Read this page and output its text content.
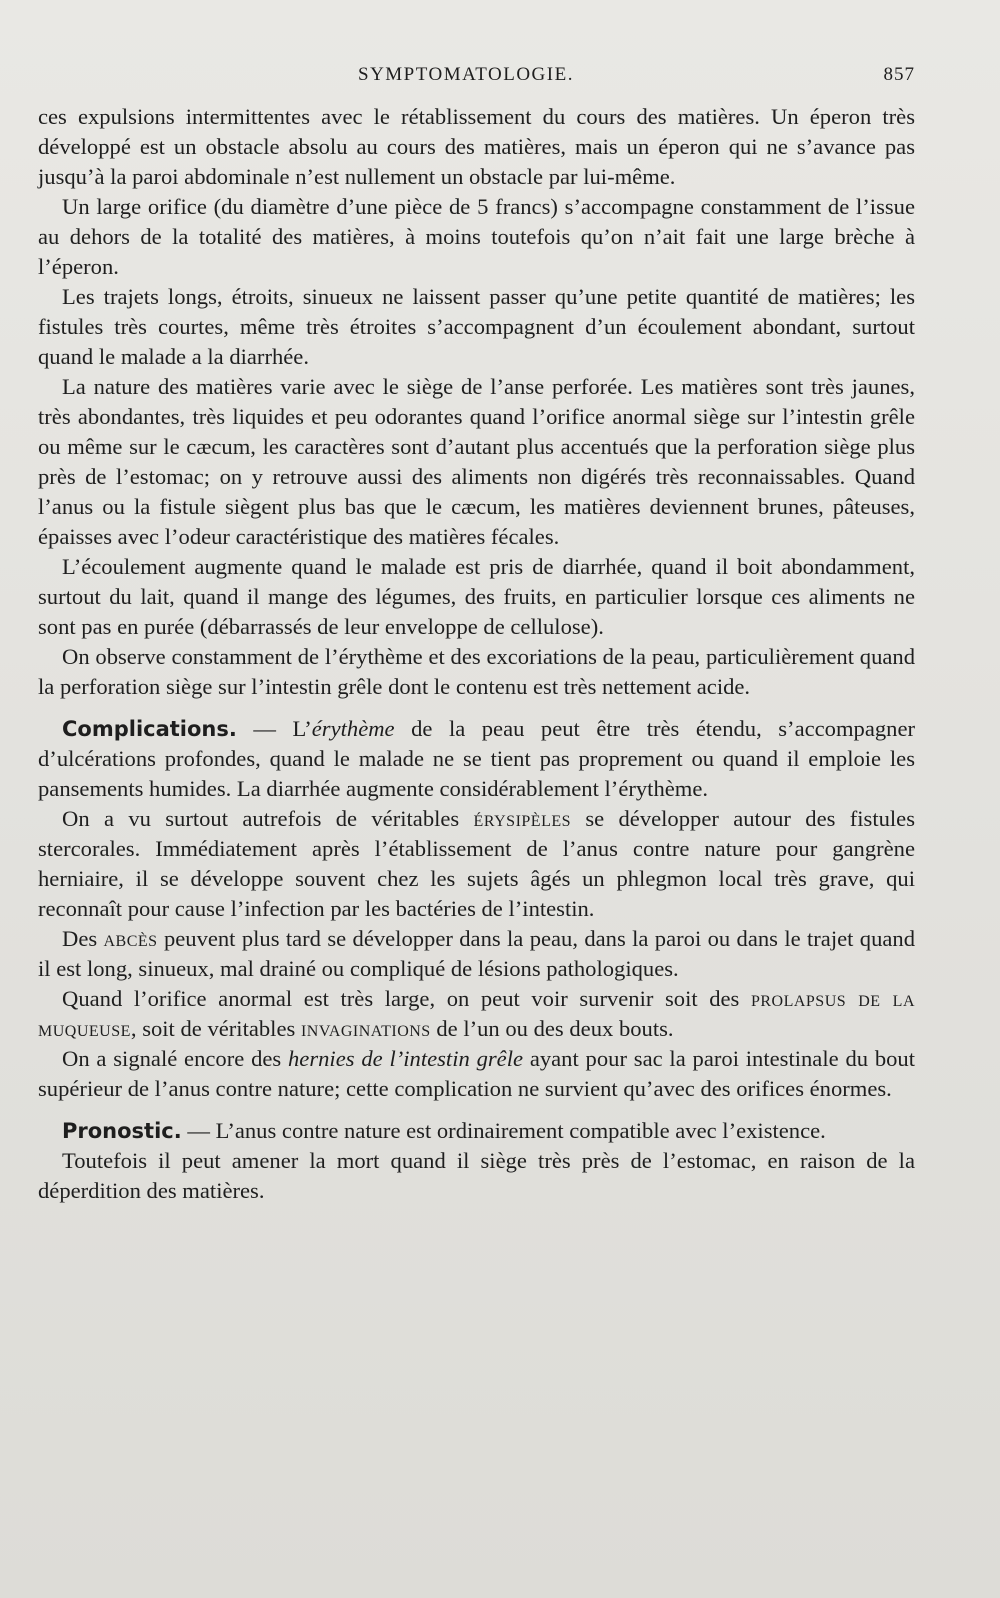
SYMPTOMATOLOGIE.	857

ces expulsions intermittentes avec le rétablissement du cours des matières. Un éperon très développé est un obstacle absolu au cours des matières, mais un éperon qui ne s’avance pas jusqu’à la paroi abdominale n’est nullement un obstacle par lui-même.

Un large orifice (du diamètre d’une pièce de 5 francs) s’accompagne constamment de l’issue au dehors de la totalité des matières, à moins toutefois qu’on n’ait fait une large brèche à l’éperon.

Les trajets longs, étroits, sinueux ne laissent passer qu’une petite quantité de matières; les fistules très courtes, même très étroites s’accompagnent d’un écoulement abondant, surtout quand le malade a la diarrhée.

La nature des matières varie avec le siège de l’anse perforée. Les matières sont très jaunes, très abondantes, très liquides et peu odorantes quand l’orifice anormal siège sur l’intestin grêle ou même sur le cæcum, les caractères sont d’autant plus accentués que la perforation siège plus près de l’estomac; on y retrouve aussi des aliments non digérés très reconnaissables. Quand l’anus ou la fistule siègent plus bas que le cæcum, les matières deviennent brunes, pâteuses, épaisses avec l’odeur caractéristique des matières fécales.

L’écoulement augmente quand le malade est pris de diarrhée, quand il boit abondamment, surtout du lait, quand il mange des légumes, des fruits, en particulier lorsque ces aliments ne sont pas en purée (débarrassés de leur enveloppe de cellulose).

On observe constamment de l’érythème et des excoriations de la peau, particulièrement quand la perforation siège sur l’intestin grêle dont le contenu est très nettement acide.

Complications. — L’érythème de la peau peut être très étendu, s’accompagner d’ulcérations profondes, quand le malade ne se tient pas proprement ou quand il emploie les pansements humides. La diarrhée augmente considérablement l’érythème.

On a vu surtout autrefois de véritables érysipèles se développer autour des fistules stercorales. Immédiatement après l’établissement de l’anus contre nature pour gangrène herniaire, il se développe souvent chez les sujets âgés un phlegmon local très grave, qui reconnaît pour cause l’infection par les bactéries de l’intestin.

Des abcès peuvent plus tard se développer dans la peau, dans la paroi ou dans le trajet quand il est long, sinueux, mal drainé ou compliqué de lésions pathologiques.

Quand l’orifice anormal est très large, on peut voir survenir soit des prolapsus de la muqueuse, soit de véritables invaginations de l’un ou des deux bouts.

On a signalé encore des hernies de l’intestin grêle ayant pour sac la paroi intestinale du bout supérieur de l’anus contre nature; cette complication ne survient qu’avec des orifices énormes.

Pronostic. — L’anus contre nature est ordinairement compatible avec l’existence.

Toutefois il peut amener la mort quand il siège très près de l’estomac, en raison de la déperdition des matières.
